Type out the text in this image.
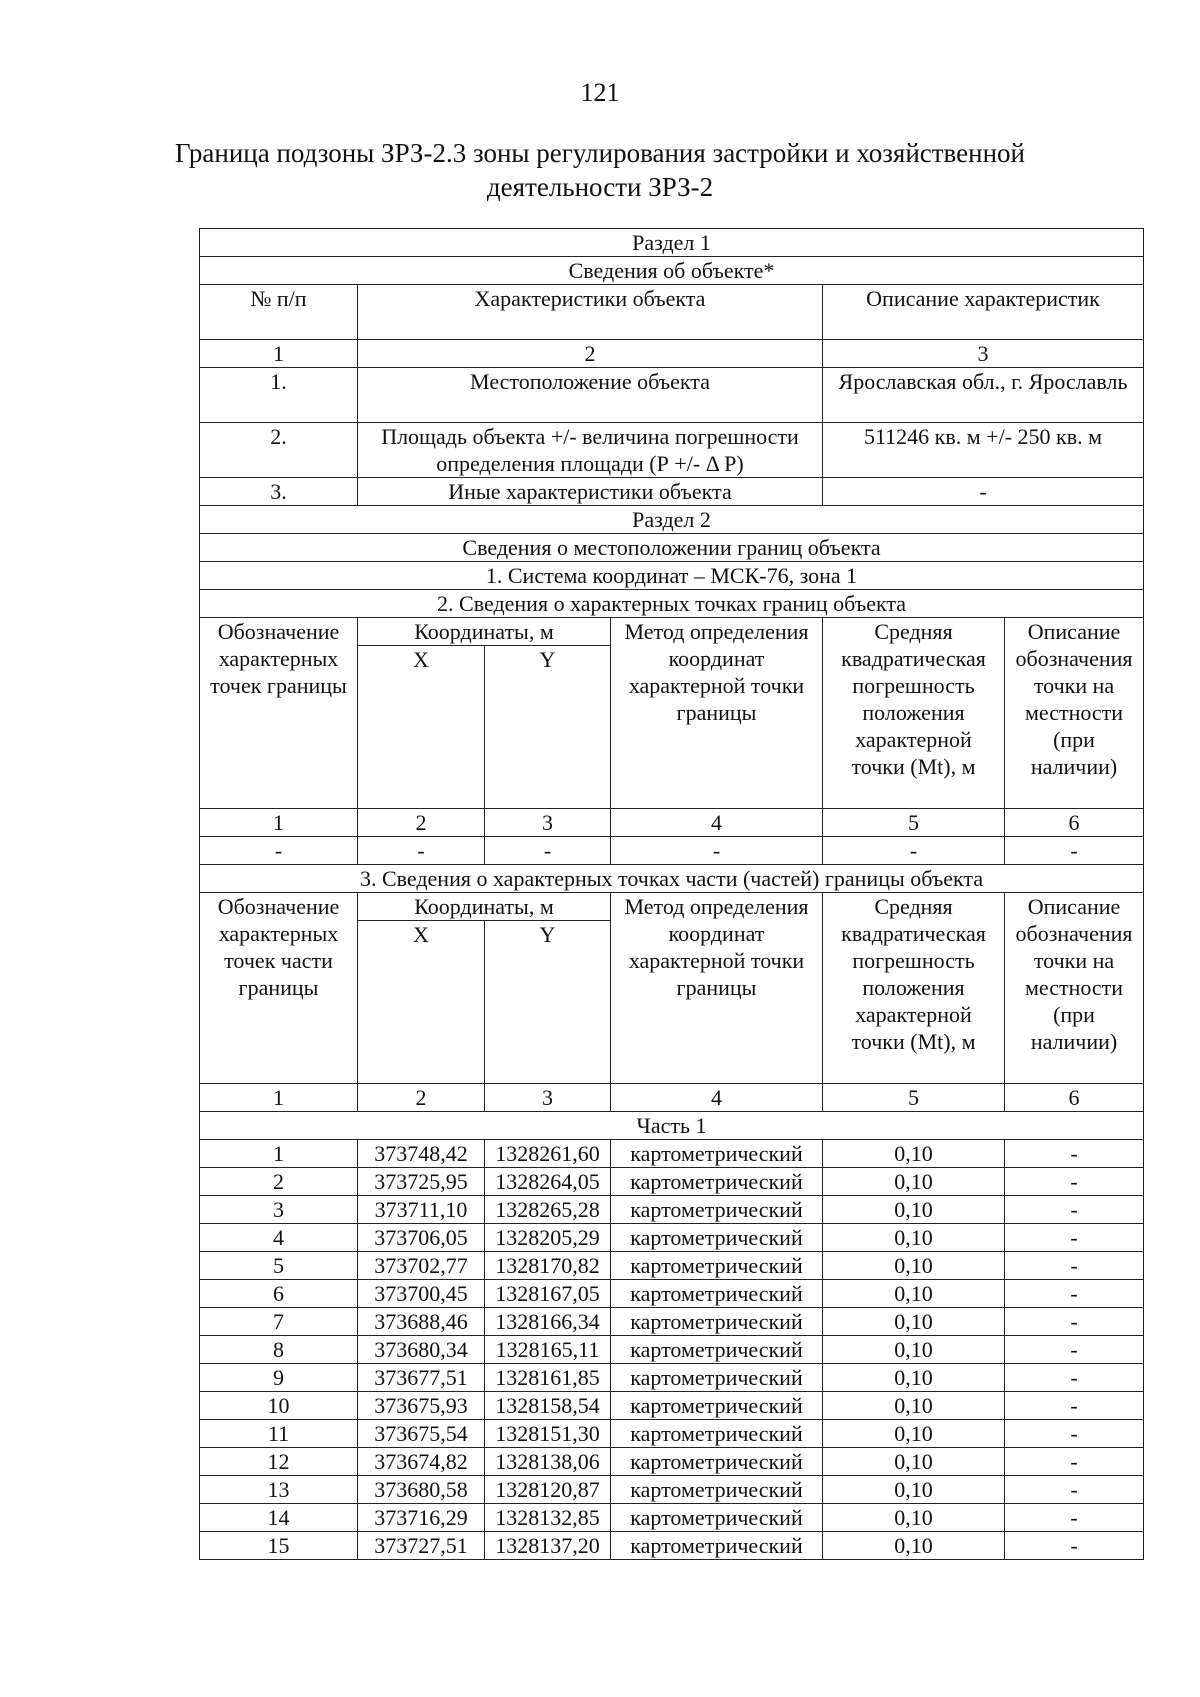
121
Граница подзоны ЗРЗ-2.3 зоны регулирования застройки и хозяйственной
деятельности ЗРЗ-2
Раздел 1					
Сведения об объекте*					
№ п/п	Характеристики объекта			Описание характеристик	
1	2			3	
1.	Местоположение объекта			Ярославская обл., г. Ярославль	
2.	Площадь объекта +/- величина погрешности определения площади (Р +/- Δ Р)			511246 кв. м +/- 250 кв. м	
3.	Иные характеристики объекта			-	
Раздел 2					
Сведения о местоположении границ объекта					
1. Система координат – МСК-76, зона 1					
2. Сведения о характерных точках границ объекта					
Обозначение характерных точек границы	Координаты, м		Метод определения координат характерной точки границы	Средняя квадратическая погрешность положения характерной точки (Mt), м	Описание обозначения точки на местности (при наличии)
	X	Y			
1	2	3	4	5	6
-	-	-	-	-	-
3. Сведения о характерных точках части (частей) границы объекта					
Обозначение характерных точек части границы	Координаты, м		Метод определения координат характерной точки границы	Средняя квадратическая погрешность положения характерной точки (Mt), м	Описание обозначения точки на местности (при наличии)
	X	Y			
1	2	3	4	5	6
Часть 1					
1	373748,42	1328261,60	картометрический	0,10	-
2	373725,95	1328264,05	картометрический	0,10	-
3	373711,10	1328265,28	картометрический	0,10	-
4	373706,05	1328205,29	картометрический	0,10	-
5	373702,77	1328170,82	картометрический	0,10	-
6	373700,45	1328167,05	картометрический	0,10	-
7	373688,46	1328166,34	картометрический	0,10	-
8	373680,34	1328165,11	картометрический	0,10	-
9	373677,51	1328161,85	картометрический	0,10	-
10	373675,93	1328158,54	картометрический	0,10	-
11	373675,54	1328151,30	картометрический	0,10	-
12	373674,82	1328138,06	картометрический	0,10	-
13	373680,58	1328120,87	картометрический	0,10	-
14	373716,29	1328132,85	картометрический	0,10	-
15	373727,51	1328137,20	картометрический	0,10	-
